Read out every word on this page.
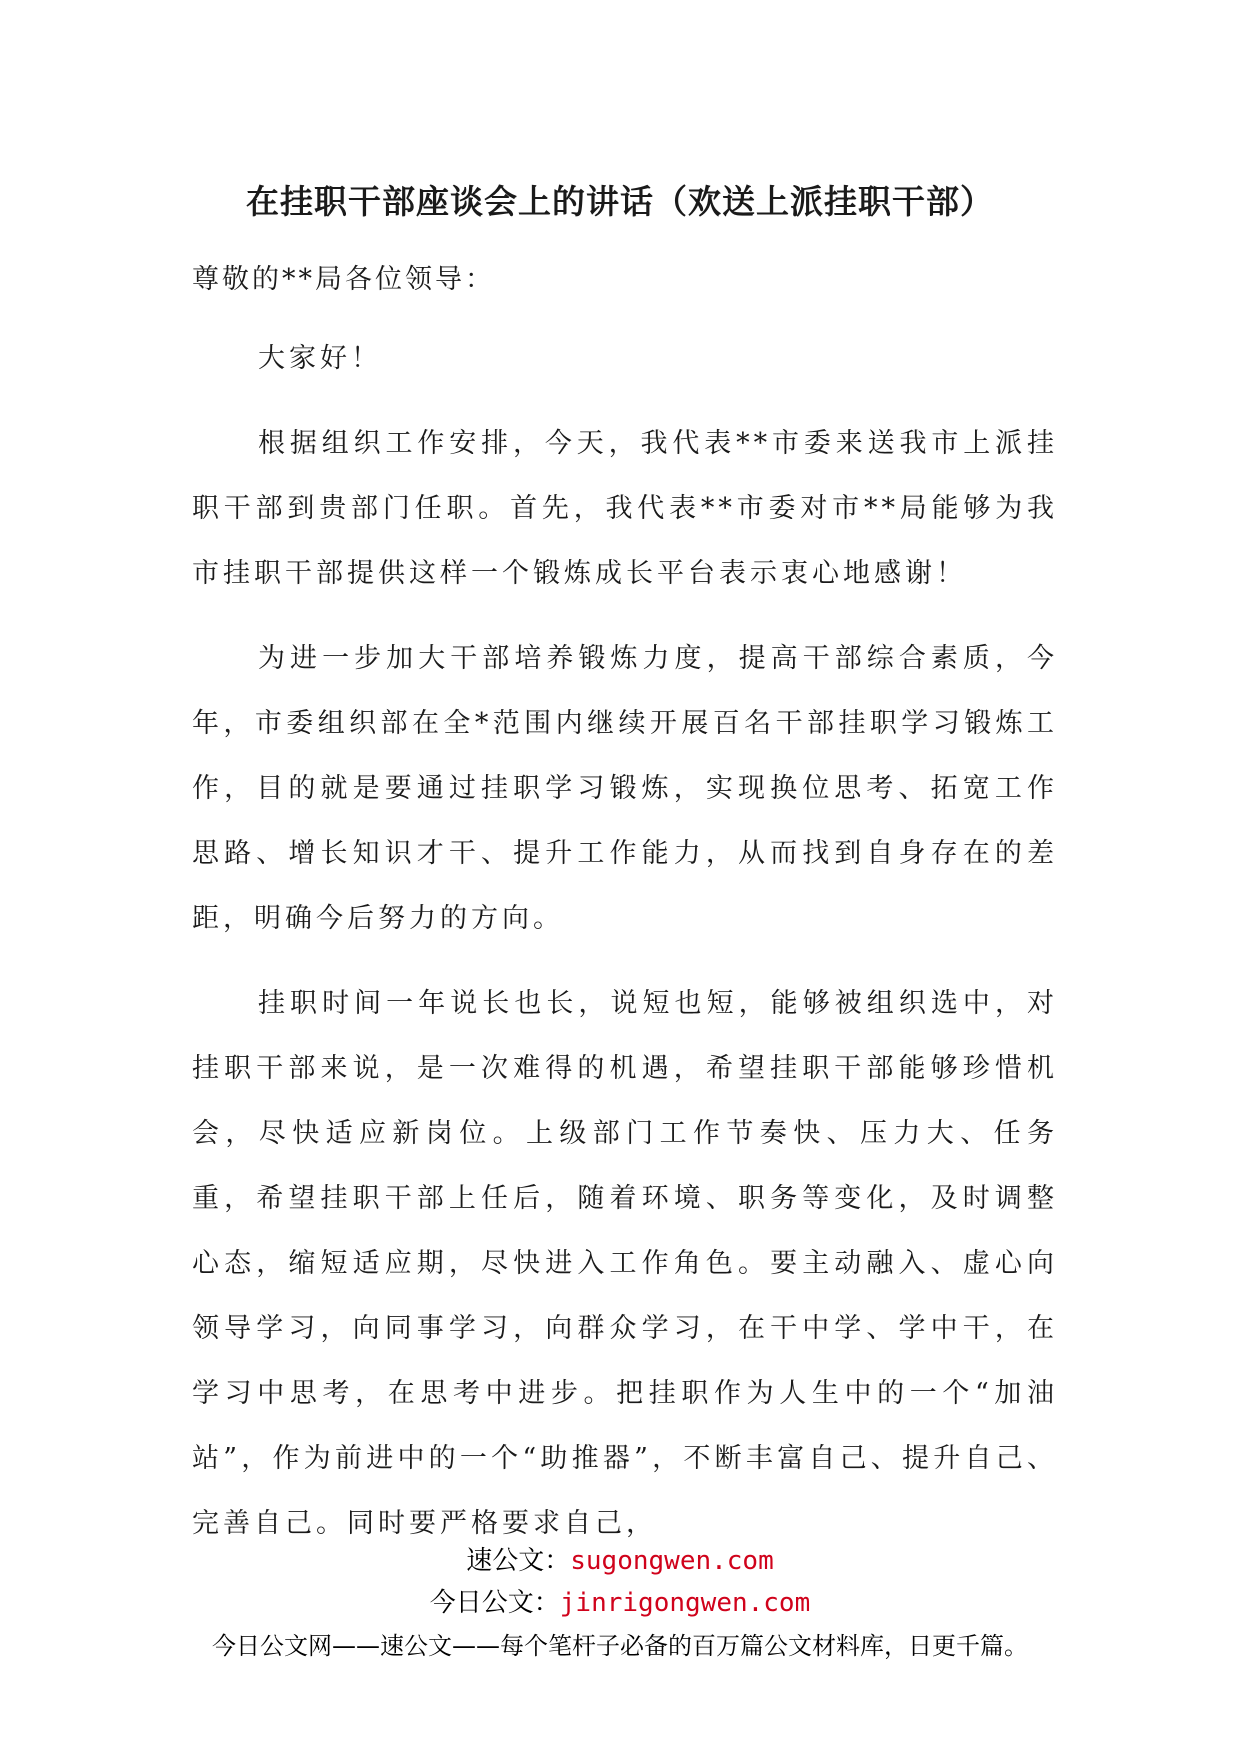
在挂职干部座谈会上的讲话（欢送上派挂职干部）

尊敬的**局各位领导：

大家好！

根据组织工作安排，今天，我代表**市委来送我市上派挂职干部到贵部门任职。首先，我代表**市委对市**局能够为我市挂职干部提供这样一个锻炼成长平台表示衷心地感谢！

为进一步加大干部培养锻炼力度，提高干部综合素质，今年，市委组织部在全*范围内继续开展百名干部挂职学习锻炼工作，目的就是要通过挂职学习锻炼，实现换位思考、拓宽工作思路、增长知识才干、提升工作能力，从而找到自身存在的差距，明确今后努力的方向。

挂职时间一年说长也长，说短也短，能够被组织选中，对挂职干部来说，是一次难得的机遇，希望挂职干部能够珍惜机会，尽快适应新岗位。上级部门工作节奏快、压力大、任务重，希望挂职干部上任后，随着环境、职务等变化，及时调整心态，缩短适应期，尽快进入工作角色。要主动融入、虚心向领导学习，向同事学习，向群众学习，在干中学、学中干，在学习中思考，在思考中进步。把挂职作为人生中的一个“加油站”，作为前进中的一个“助推器”，不断丰富自己、提升自己、完善自己。同时要严格要求自己，

速公文：sugongwen.com
今日公文：jinrigongwen.com
今日公文网——速公文——每个笔杆子必备的百万篇公文材料库，日更千篇。
